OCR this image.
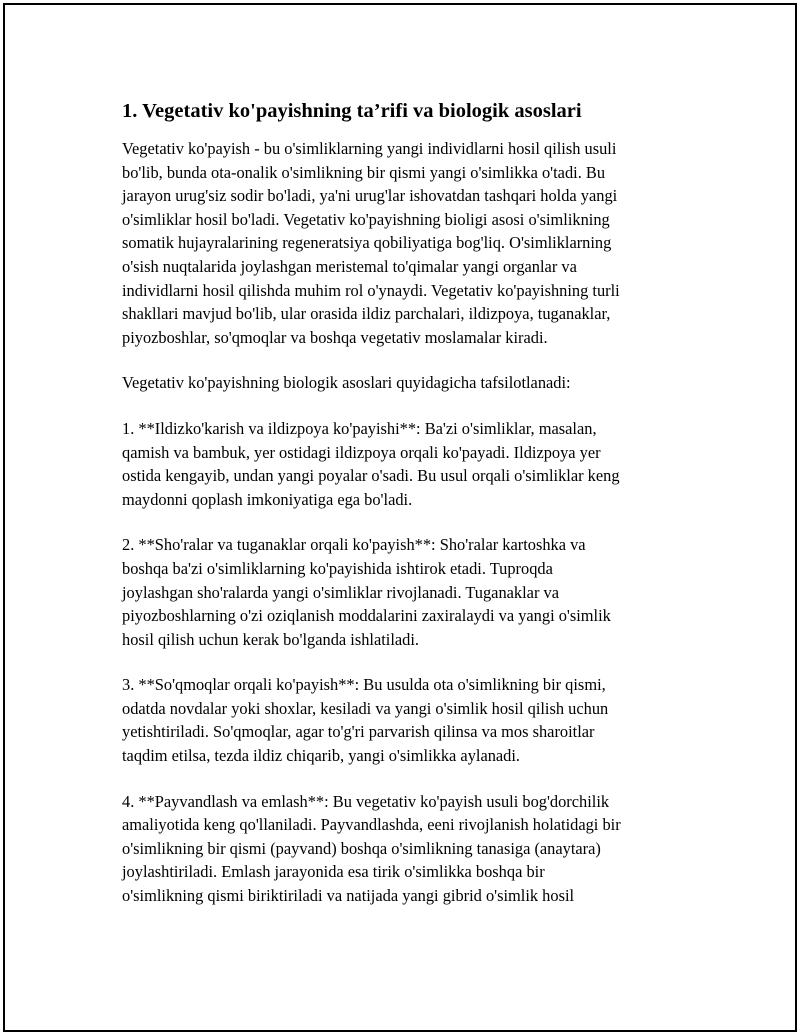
1. Vegetativ ko'payishning ta’rifi va biologik asoslari

Vegetativ ko'payish - bu o'simliklarning yangi individlarni hosil qilish usuli
bo'lib, bunda ota-onalik o'simlikning bir qismi yangi o'simlikka o'tadi. Bu
jarayon urug'siz sodir bo'ladi, ya'ni urug'lar ishovatdan tashqari holda yangi
o'simliklar hosil bo'ladi. Vegetativ ko'payishning bioligi asosi o'simlikning
somatik hujayralarining regeneratsiya qobiliyatiga bog'liq. O'simliklarning
o'sish nuqtalarida joylashgan meristemal to'qimalar yangi organlar va
individlarni hosil qilishda muhim rol o'ynaydi. Vegetativ ko'payishning turli
shakllari mavjud bo'lib, ular orasida ildiz parchalari, ildizpoya, tuganaklar,
piyozboshlar, so'qmoqlar va boshqa vegetativ moslamalar kiradi.

Vegetativ ko'payishning biologik asoslari quyidagicha tafsilotlanadi:

1. **Ildizko'karish va ildizpoya ko'payishi**: Ba'zi o'simliklar, masalan,
qamish va bambuk, yer ostidagi ildizpoya orqali ko'payadi. Ildizpoya yer
ostida kengayib, undan yangi poyalar o'sadi. Bu usul orqali o'simliklar keng
maydonni qoplash imkoniyatiga ega bo'ladi.

2. **Sho'ralar va tuganaklar orqali ko'payish**: Sho'ralar kartoshka va
boshqa ba'zi o'simliklarning ko'payishida ishtirok etadi. Tuproqda
joylashgan sho'ralarda yangi o'simliklar rivojlanadi. Tuganaklar va
piyozboshlarning o'zi oziqlanish moddalarini zaxiralaydi va yangi o'simlik
hosil qilish uchun kerak bo'lganda ishlatiladi.

3. **So'qmoqlar orqali ko'payish**: Bu usulda ota o'simlikning bir qismi,
odatda novdalar yoki shoxlar, kesiladi va yangi o'simlik hosil qilish uchun
yetishtiriladi. So'qmoqlar, agar to'g'ri parvarish qilinsa va mos sharoitlar
taqdim etilsa, tezda ildiz chiqarib, yangi o'simlikka aylanadi.

4. **Payvandlash va emlash**: Bu vegetativ ko'payish usuli bog'dorchilik
amaliyotida keng qo'llaniladi. Payvandlashda, eeni rivojlanish holatidagi bir
o'simlikning bir qismi (payvand) boshqa o'simlikning tanasiga (anaytara)
joylashtiriladi. Emlash jarayonida esa tirik o'simlikka boshqa bir
o'simlikning qismi biriktiriladi va natijada yangi gibrid o'simlik hosil
